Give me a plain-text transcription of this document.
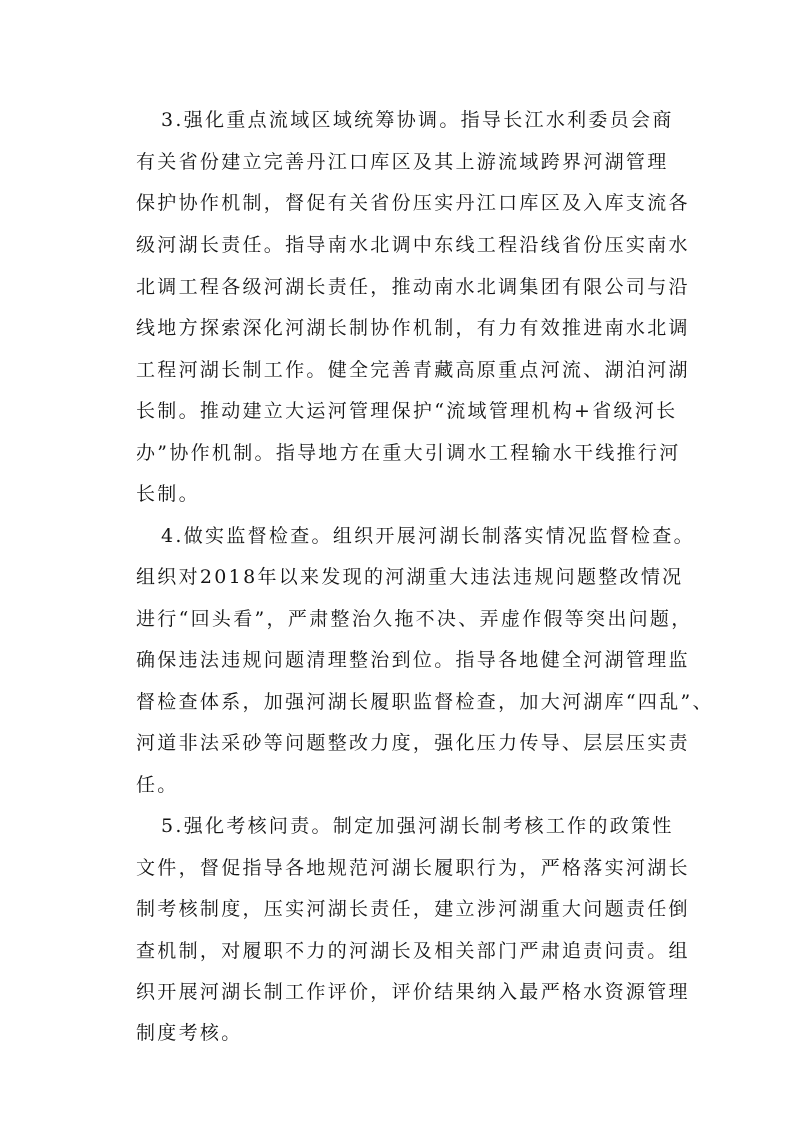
3.强化重点流域区域统筹协调。指导长江水利委员会商
有关省份建立完善丹江口库区及其上游流域跨界河湖管理
保护协作机制，督促有关省份压实丹江口库区及入库支流各
级河湖长责任。指导南水北调中东线工程沿线省份压实南水
北调工程各级河湖长责任，推动南水北调集团有限公司与沿
线地方探索深化河湖长制协作机制，有力有效推进南水北调
工程河湖长制工作。健全完善青藏高原重点河流、湖泊河湖
长制。推动建立大运河管理保护“流域管理机构+省级河长
办”协作机制。指导地方在重大引调水工程输水干线推行河
长制。
4.做实监督检查。组织开展河湖长制落实情况监督检查。
组织对2018年以来发现的河湖重大违法违规问题整改情况
进行“回头看”，严肃整治久拖不决、弄虚作假等突出问题，
确保违法违规问题清理整治到位。指导各地健全河湖管理监
督检查体系，加强河湖长履职监督检查，加大河湖库“四乱”、
河道非法采砂等问题整改力度，强化压力传导、层层压实责
任。
5.强化考核问责。制定加强河湖长制考核工作的政策性
文件，督促指导各地规范河湖长履职行为，严格落实河湖长
制考核制度，压实河湖长责任，建立涉河湖重大问题责任倒
查机制，对履职不力的河湖长及相关部门严肃追责问责。组
织开展河湖长制工作评价，评价结果纳入最严格水资源管理
制度考核。
